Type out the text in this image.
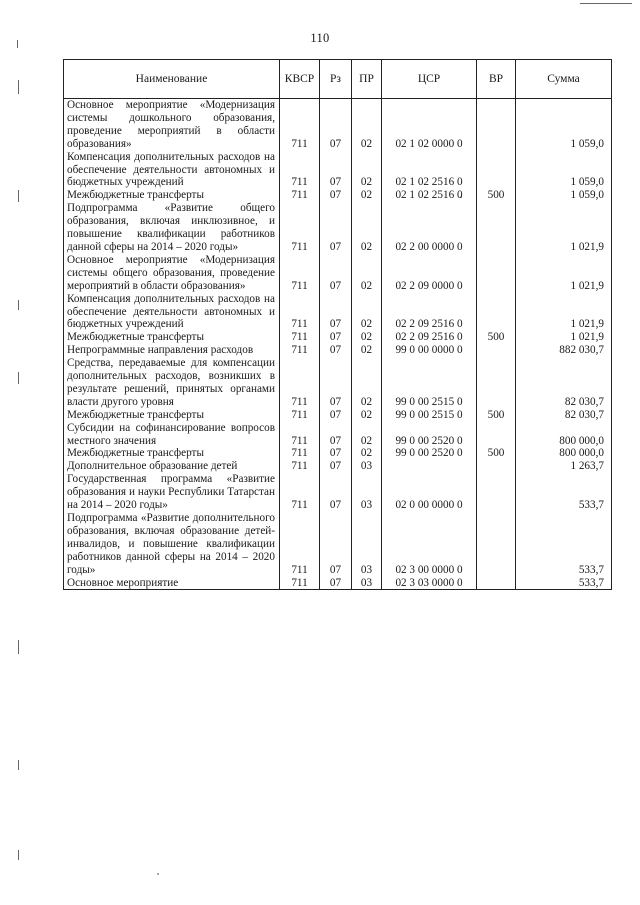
110
Наименование	КВСР	Рз	ПР	ЦСР	ВР	Сумма
Основное мероприятие «Модернизация системы дошкольного образования, проведение мероприятий в области образования»	711	07	02	02 1 02 0000 0		1 059,0
Компенсация дополнительных расходов на обеспечение деятельности автономных и бюджетных учреждений	711	07	02	02 1 02 2516 0		1 059,0
Межбюджетные трансферты	711	07	02	02 1 02 2516 0	500	1 059,0
Подпрограмма «Развитие общего образования, включая инклюзивное, и повышение квалификации работников данной сферы на 2014 – 2020 годы»	711	07	02	02 2 00 0000 0		1 021,9
Основное мероприятие «Модернизация системы общего образования, проведение мероприятий в области образования»	711	07	02	02 2 09 0000 0		1 021,9
Компенсация дополнительных расходов на обеспечение деятельности автономных и бюджетных учреждений	711	07	02	02 2 09 2516 0		1 021,9
Межбюджетные трансферты	711	07	02	02 2 09 2516 0	500	1 021,9
Непрограммные направления расходов	711	07	02	99 0 00 0000 0		882 030,7
Средства, передаваемые для компенсации дополнительных расходов, возникших в результате решений, принятых органами власти другого уровня	711	07	02	99 0 00 2515 0		82 030,7
Межбюджетные трансферты	711	07	02	99 0 00 2515 0	500	82 030,7
Субсидии на софинансирование вопросов местного значения	711	07	02	99 0 00 2520 0		800 000,0
Межбюджетные трансферты	711	07	02	99 0 00 2520 0	500	800 000,0
Дополнительное образование детей	711	07	03			1 263,7
Государственная программа «Развитие образования и науки Республики Татарстан на 2014 – 2020 годы»	711	07	03	02 0 00 0000 0		533,7
Подпрограмма «Развитие дополнительного образования, включая образование детей-инвалидов, и повышение квалификации работников данной сферы на 2014 – 2020 годы»	711	07	03	02 3 00 0000 0		533,7
Основное мероприятие	711	07	03	02 3 03 0000 0		533,7
